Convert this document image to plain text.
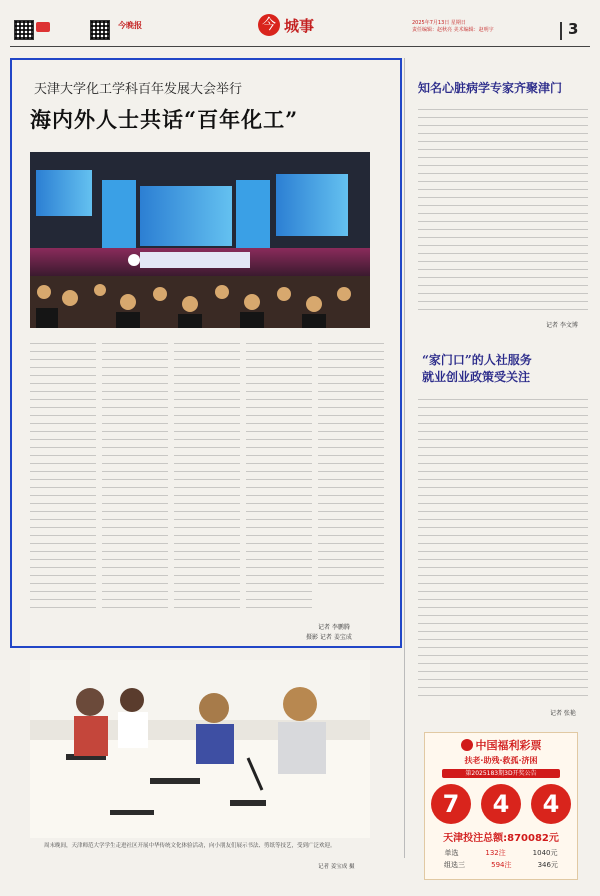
今晚报	今 城事	2025年7月13日 星期日
责任编辑：赵秋亮 美术编辑：赵明宇	3
天津大学化工学科百年发展大会举行
海内外人士共话“百年化工”
记者 李鹏腾
摄影 记者 姜宝成
周末晚间，天津师范大学学生走进社区开展中华传统文化体验活动，向小朋友们展示书法、剪纸等技艺，受到广泛欢迎。
记者 姜宝成 摄
知名心脏病学专家齐聚津门
记者 李文博
“家门口”的人社服务
就业创业政策受关注
记者 张艳
中国福利彩票
扶老·助残·救孤·济困
第2025183期3D开奖公告
7	4	4
天津投注总额:870082元
单选	132注	1040元
组选三	594注	346元
